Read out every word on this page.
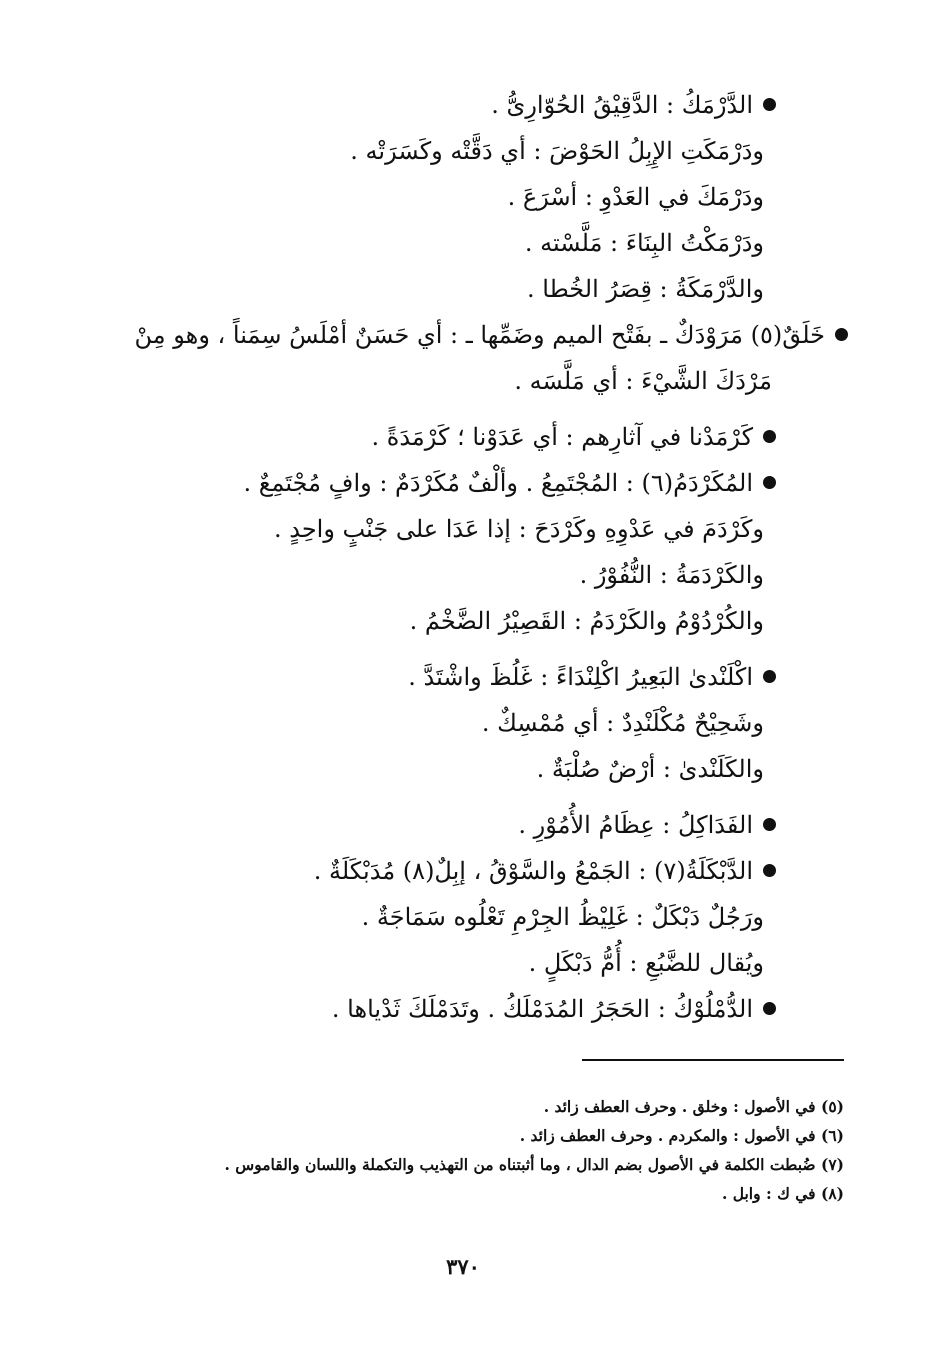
الدَّرْمَكُ : الدَّقِيْقُ الحُوّارِىُّ .

ودَرْمَكَتِ الإِبِلُ الحَوْضَ : أي دَقَّتْه وكَسَرَتْه .

ودَرْمَكَ في العَدْوِ : أسْرَعَ .

ودَرْمَكْتُ البِنَاءَ : مَلَّسْته .

والدَّرْمَكَةُ : قِصَرُ الخُطا .

خَلَقٌ(٥) مَرَوْدَكٌ ـ بفَتْح الميم وضَمِّها ـ : أي حَسَنٌ أمْلَسُ سِمَناً ، وهو مِنْ

مَرْدَكَ الشَّيْءَ : أي مَلَّسَه .

كَرْمَدْنا في آثارِهم : أي عَدَوْنا ؛ كَرْمَدَةً .

المُكَرْدَمُ(٦) : المُجْتَمِعُ . وألْفٌ مُكَرْدَمٌ : وافٍ مُجْتَمِعٌ .

وكَرْدَمَ في عَدْوِهِ وكَرْدَحَ : إذا عَدَا على جَنْبٍ واحِدٍ .

والكَرْدَمَةُ : النُّفُوْرُ .

والكُرْدُوْمُ والكَرْدَمُ : القَصِيْرُ الضَّخْمُ .

اكْلَنْدىٰ البَعِيرُ اكْلِنْدَاءً : غَلُظَ واشْتَدَّ .

وشَحِيْحٌ مُكْلَنْدِدٌ : أي مُمْسِكٌ .

والكَلَنْدىٰ : أرْضٌ صُلْبَةٌ .

الفَدَاكِلُ : عِظَامُ الأُمُوْرِ .

الدَّبْكَلَةُ(٧) : الجَمْعُ والسَّوْقُ ، إبِلٌ(٨) مُدَبْكَلَةٌ .

ورَجُلٌ دَبْكَلٌ : غَلِيْظُ الجِرْمِ تَعْلُوه سَمَاجَةٌ .

ويُقال للضَّبُعِ : أُمُّ دَبْكَلٍ .

الدُّمْلُوْكُ : الحَجَرُ المُدَمْلَكُ . وتَدَمْلَكَ ثَدْياها .

(٥) في الأصول : وخلق . وحرف العطف زائد .

(٦) في الأصول : والمكردم . وحرف العطف زائد .

(٧) ضُبطت الكلمة في الأصول بضم الدال ، وما أثبتناه من التهذيب والتكملة واللسان والقاموس .

(٨) في ك : وابل .

٣٧٠
